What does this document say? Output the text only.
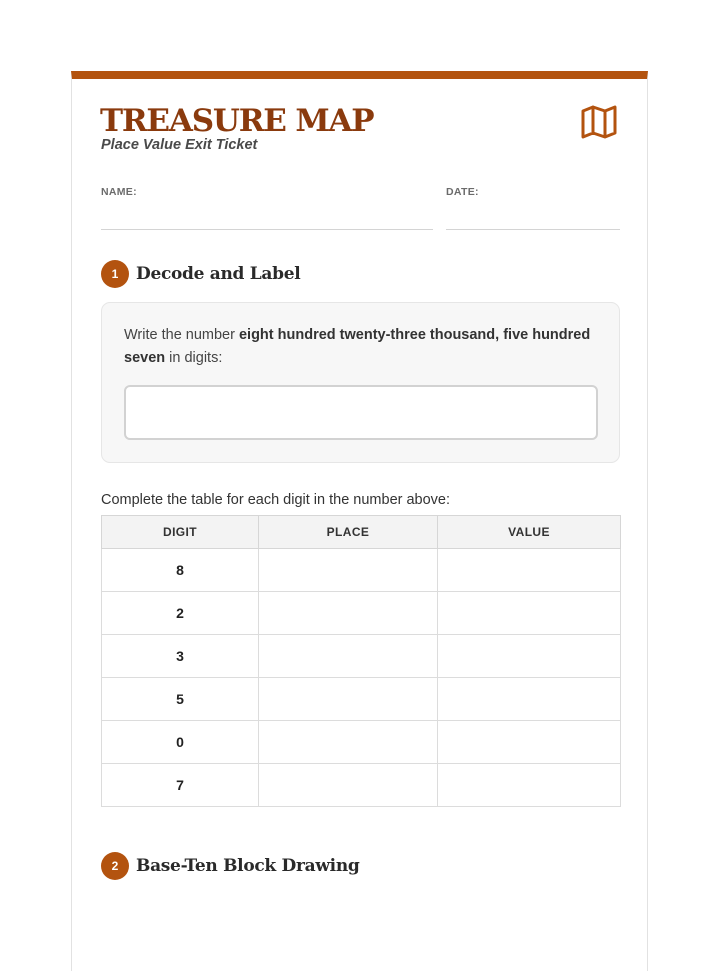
TREASURE MAP
Place Value Exit Ticket
NAME:	DATE:
1	Decode and Label
Write the number eight hundred twenty-three thousand, five hundred seven in digits:
Complete the table for each digit in the number above:
DIGIT	PLACE	VALUE
8		
2		
3		
5		
0		
7		
2	Base-Ten Block Drawing
